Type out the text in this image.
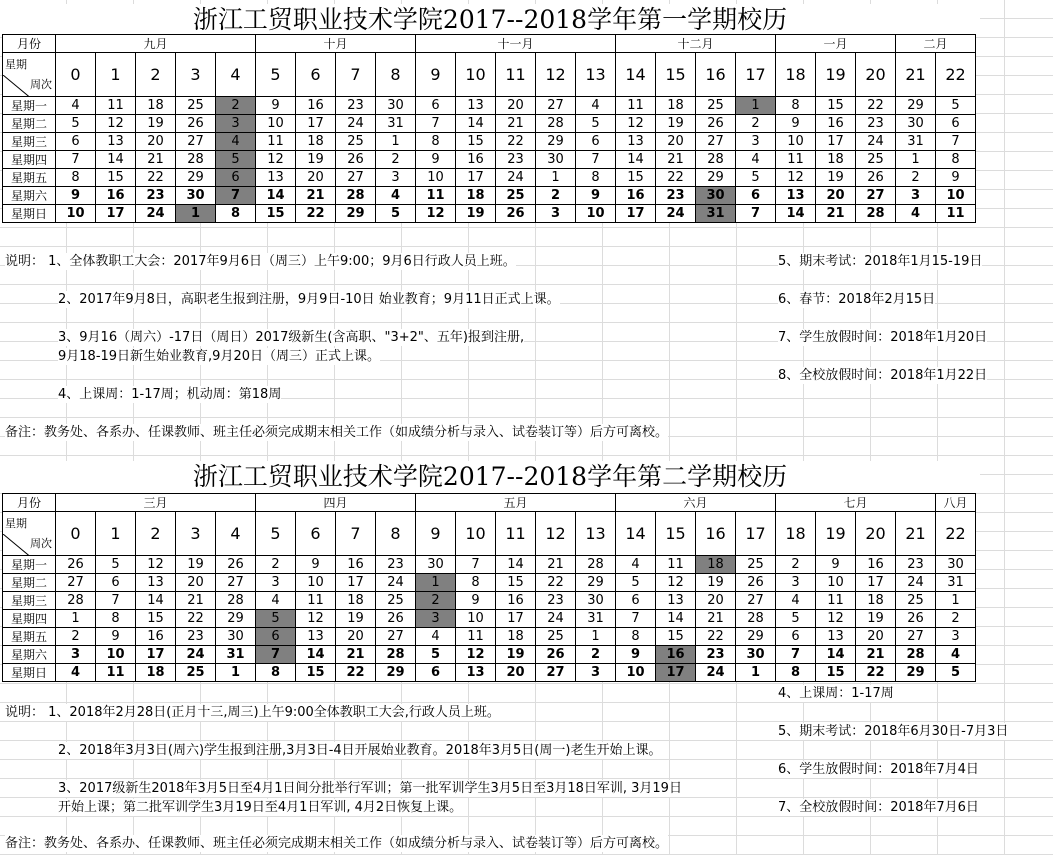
浙江工贸职业技术学院2017--2018学年第一学期校历
月份	九月					十月				十一月					十二月				一月			二月	

周次
星期	0	1	2	3	4	5	6	7	8	9	10	11	12	13	14	15	16	17	18	19	20	21	22
星期一	4	11	18	25	2	9	16	23	30	6	13	20	27	4	11	18	25	1	8	15	22	29	5
星期二	5	12	19	26	3	10	17	24	31	7	14	21	28	5	12	19	26	2	9	16	23	30	6
星期三	6	13	20	27	4	11	18	25	1	8	15	22	29	6	13	20	27	3	10	17	24	31	7
星期四	7	14	21	28	5	12	19	26	2	9	16	23	30	7	14	21	28	4	11	18	25	1	8
星期五	8	15	22	29	6	13	20	27	3	10	17	24	1	8	15	22	29	5	12	19	26	2	9
星期六	9	16	23	30	7	14	21	28	4	11	18	25	2	9	16	23	30	6	13	20	27	3	10
星期日	10	17	24	1	8	15	22	29	5	12	19	26	3	10	17	24	31	7	14	21	28	4	11
说明： 1、全体教职工大会：2017年9月6日（周三）上午9:00；9月6日行政人员上班。
2、2017年9月8日，高职老生报到注册，9月9日-10日 始业教育；9月11日正式上课。
3、9月16（周六）-17日（周日）2017级新生(含高职、"3+2"、五年)报到注册,
9月18-19日新生始业教育,9月20日（周三）正式上课。
4、上课周：1-17周；机动周：第18周
5、期末考试：2018年1月15-19日
6、春节：2018年2月15日
7、学生放假时间：2018年1月20日
8、全校放假时间：2018年1月22日
备注：教务处、各系办、任课教师、班主任必须完成期末相关工作（如成绩分析与录入、试卷装订等）后方可离校。
浙江工贸职业技术学院2017--2018学年第二学期校历
月份	三月					四月				五月					六月				七月				八月

周次
星期	0	1	2	3	4	5	6	7	8	9	10	11	12	13	14	15	16	17	18	19	20	21	22
星期一	26	5	12	19	26	2	9	16	23	30	7	14	21	28	4	11	18	25	2	9	16	23	30
星期二	27	6	13	20	27	3	10	17	24	1	8	15	22	29	5	12	19	26	3	10	17	24	31
星期三	28	7	14	21	28	4	11	18	25	2	9	16	23	30	6	13	20	27	4	11	18	25	1
星期四	1	8	15	22	29	5	12	19	26	3	10	17	24	31	7	14	21	28	5	12	19	26	2
星期五	2	9	16	23	30	6	13	20	27	4	11	18	25	1	8	15	22	29	6	13	20	27	3
星期六	3	10	17	24	31	7	14	21	28	5	12	19	26	2	9	16	23	30	7	14	21	28	4
星期日	4	11	18	25	1	8	15	22	29	6	13	20	27	3	10	17	24	1	8	15	22	29	5
4、上课周：1-17周
说明： 1、2018年2月28日(正月十三,周三)上午9:00全体教职工大会,行政人员上班。
5、期末考试：2018年6月30日-7月3日
2、2018年3月3日(周六)学生报到注册,3月3日-4日开展始业教育。2018年3月5日(周一)老生开始上课。
6、学生放假时间：2018年7月4日
3、2017级新生2018年3月5日至4月1日间分批举行军训；第一批军训学生3月5日至3月18日军训, 3月19日
开始上课；第二批军训学生3月19日至4月1日军训, 4月2日恢复上课。	7、全校放假时间：2018年7月6日
备注：教务处、各系办、任课教师、班主任必须完成期末相关工作（如成绩分析与录入、试卷装订等）后方可离校。
